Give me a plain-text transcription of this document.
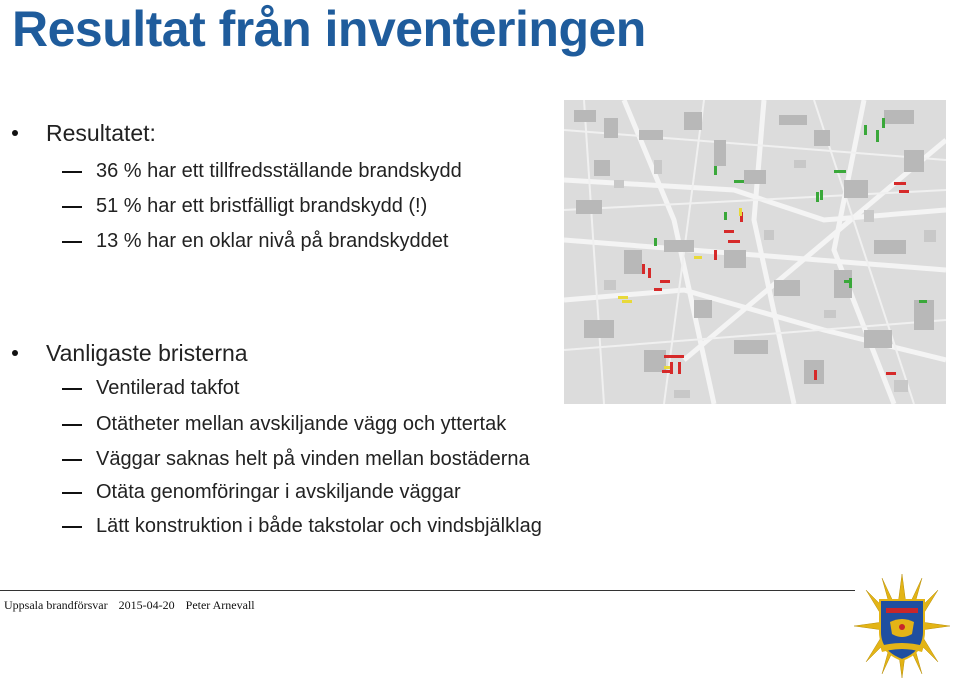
Resultat från inventeringen
Resultatet:
36 % har ett tillfredsställande brandskydd
51 % har ett bristfälligt brandskydd (!)
13 % har en oklar nivå på brandskyddet
Vanligaste bristerna
Ventilerad takfot
Otätheter mellan avskiljande vägg och yttertak
Väggar saknas helt på vinden mellan bostäderna
Otäta genomföringar i avskiljande väggar
Lätt konstruktion i både takstolar och vindsbjälklag
Uppsala brandförsvar 2015-04-20 Peter Arnevall
